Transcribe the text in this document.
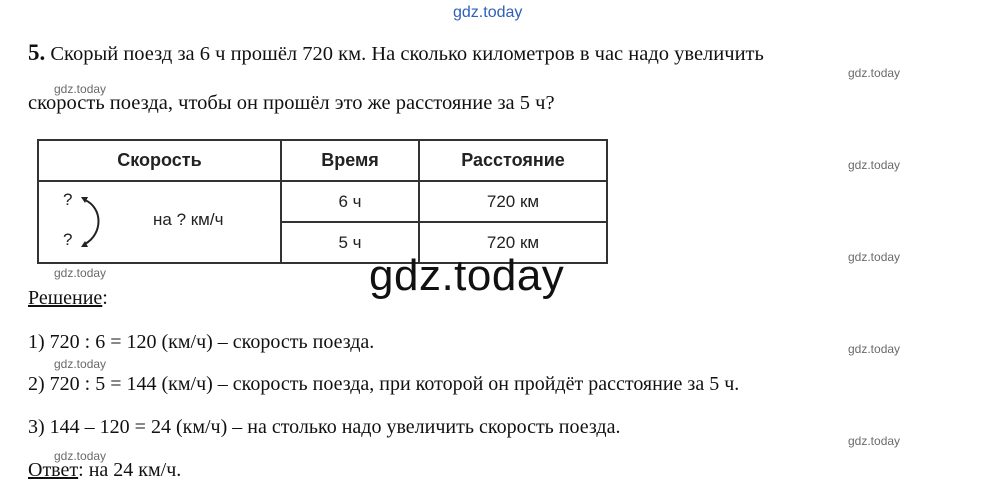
gdz.today
gdz.today
gdz.today
gdz.today
gdz.today
gdz.today
gdz.today
gdz.today
gdz.today
gdz.today
5. Скорый поезд за 6 ч прошёл 720 км. На сколько километров в час надо увеличить
скорость поезда, чтобы он прошёл это же расстояние за 5 ч?
Скорость	Время	Расстояние

?
?
на ? км/ч	6 ч	720 км
	5 ч	720 км
gdz.today
Решение:
1) 720 : 6 = 120 (км/ч) – скорость поезда.
2) 720 : 5 = 144 (км/ч) – скорость поезда, при которой он пройдёт расстояние за 5 ч.
3) 144 – 120 = 24 (км/ч) – на столько надо увеличить скорость поезда.
Ответ: на 24 км/ч.
